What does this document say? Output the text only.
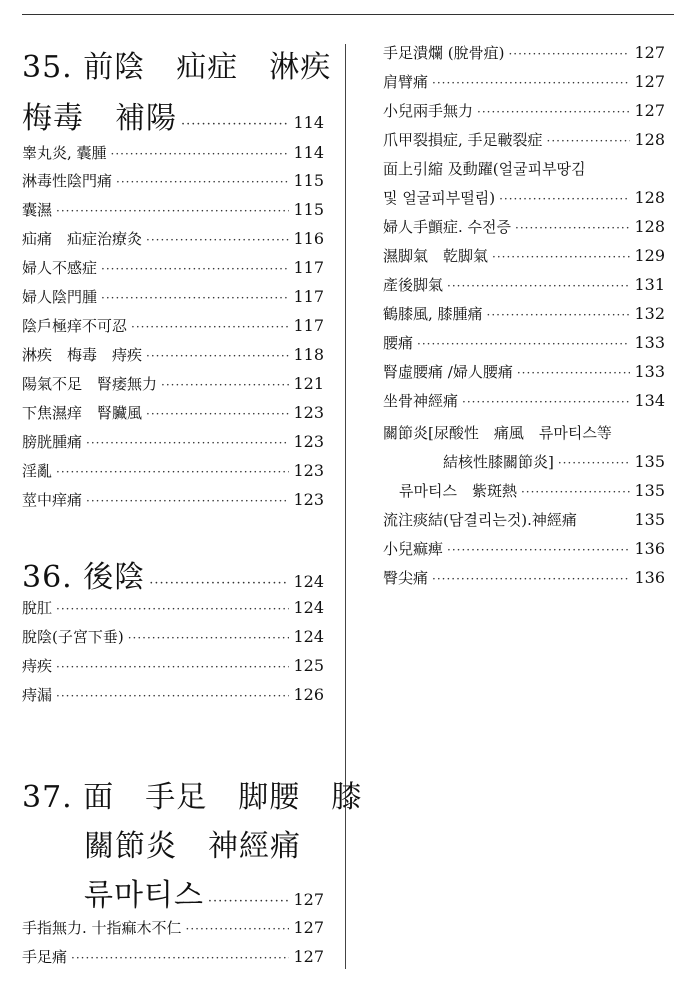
35. 前陰　疝症　淋疾
梅毒　補陽 ·····	114
睾丸炎, 囊腫 ·····	114
淋毒性陰門痛 ·····	115
囊濕 ·····	115
疝痛　疝症治療灸 ·····	116
婦人不感症 ·····	117
婦人陰門腫 ·····	117
陰戶極痒不可忍 ·····	117
淋疾　梅毒　痔疾 ·····	118
陽氣不足　腎痿無力 ·····	121
下焦濕痒　腎臟風 ·····	123
膀胱腫痛 ·····	123
淫亂 ·····	123
莖中痒痛 ·····	123
36. 後陰 ·····	124
脫肛 ·····	124
脫陰(子宮下垂) ·····	124
痔疾 ·····	125
痔漏 ·····	126
37. 面　手足　脚腰　膝
關節炎　神經痛
류마티스 ·····	127
手指無力. 十指痲木不仁 ·····	127
手足痛 ·····	127
手足潰爛 (脫骨疽) ·····	127
肩臂痛 ·····	127
小兒兩手無力 ·····	127
爪甲裂損症, 手足皸裂症 ·····	128
面上引縮 及動躍(얼굴피부땅김
및 얼굴피부떨림) ·····	128
婦人手顫症. 수전증 ·····	128
濕脚氣　乾脚氣 ·····	129
產後脚氣 ·····	131
鶴膝風, 膝腫痛 ·····	132
腰痛 ·····	133
腎虛腰痛 /婦人腰痛 ·····	133
坐骨神經痛 ·····	134
關節炎[尿酸性　痛風　류마티스等
結核性膝關節炎] ·····	135
류마티스　紫斑熱 ·····	135
流注痰結(담결리는것).神經痛	135
小兒痲痺 ·····	136
臀尖痛 ·····	136
